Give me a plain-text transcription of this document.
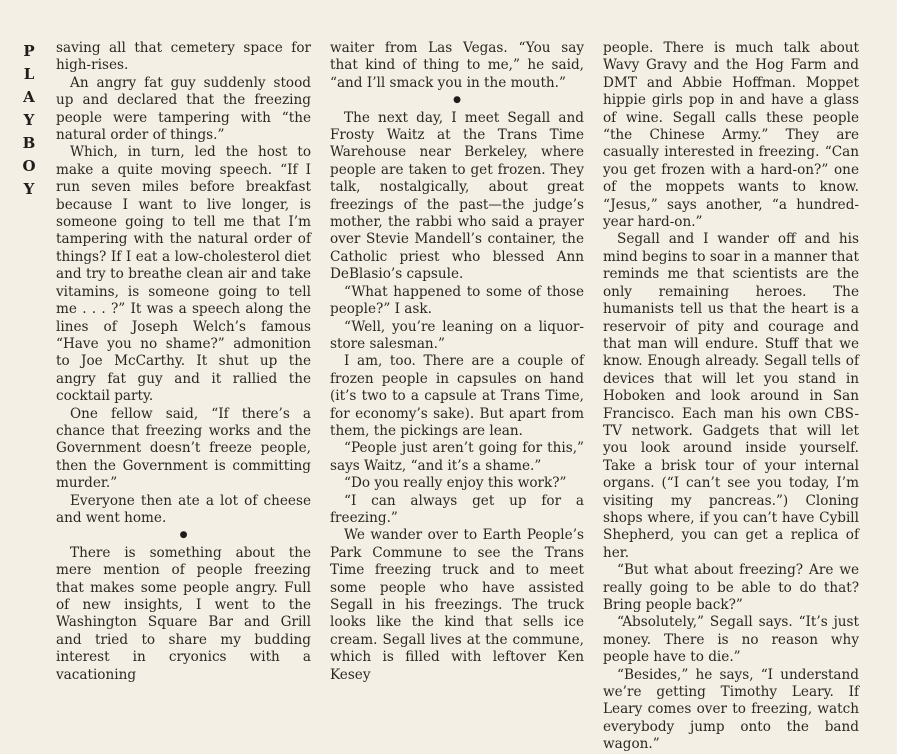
P
L
A
Y
B
O
Y

saving all that cemetery space for high-rises.

An angry fat guy suddenly stood up and declared that the freezing people were tampering with “the natural order of things.”

Which, in turn, led the host to make a quite moving speech. “If I run seven miles before breakfast because I want to live longer, is someone going to tell me that I’m tampering with the natural order of things? If I eat a low-cholesterol diet and try to breathe clean air and take vitamins, is someone going to tell me . . . ?” It was a speech along the lines of Joseph Welch’s famous “Have you no shame?” admonition to Joe McCarthy. It shut up the angry fat guy and it rallied the cocktail party.

One fellow said, “If there’s a chance that freezing works and the Government doesn’t freeze people, then the Government is committing murder.”

Everyone then ate a lot of cheese and went home.

●

There is something about the mere mention of people freezing that makes some people angry. Full of new insights, I went to the Washington Square Bar and Grill and tried to share my budding interest in cryonics with a vacationing

waiter from Las Vegas. “You say that kind of thing to me,” he said, “and I’ll smack you in the mouth.”

●

The next day, I meet Segall and Frosty Waitz at the Trans Time Warehouse near Berkeley, where people are taken to get frozen. They talk, nostalgically, about great freezings of the past—the judge’s mother, the rabbi who said a prayer over Stevie Mandell’s container, the Catholic priest who blessed Ann DeBlasio’s capsule.

“What happened to some of those people?” I ask.

“Well, you’re leaning on a liquor-store salesman.”

I am, too. There are a couple of frozen people in capsules on hand (it’s two to a capsule at Trans Time, for economy’s sake). But apart from them, the pickings are lean.

“People just aren’t going for this,” says Waitz, “and it’s a shame.”

“Do you really enjoy this work?”

“I can always get up for a freezing.”

We wander over to Earth People’s Park Commune to see the Trans Time freezing truck and to meet some people who have assisted Segall in his freezings. The truck looks like the kind that sells ice cream. Segall lives at the commune, which is filled with leftover Ken Kesey

people. There is much talk about Wavy Gravy and the Hog Farm and DMT and Abbie Hoffman. Moppet hippie girls pop in and have a glass of wine. Segall calls these people “the Chinese Army.” They are casually interested in freezing. “Can you get frozen with a hard-on?” one of the moppets wants to know. “Jesus,” says another, “a hundred-year hard-on.”

Segall and I wander off and his mind begins to soar in a manner that reminds me that scientists are the only remaining heroes. The humanists tell us that the heart is a reservoir of pity and courage and that man will endure. Stuff that we know. Enough already. Segall tells of devices that will let you stand in Hoboken and look around in San Francisco. Each man his own CBS-TV network. Gadgets that will let you look around inside yourself. Take a brisk tour of your internal organs. (“I can’t see you today, I’m visiting my pancreas.”) Cloning shops where, if you can’t have Cybill Shepherd, you can get a replica of her.

“But what about freezing? Are we really going to be able to do that? Bring people back?”

“Absolutely,” Segall says. “It’s just money. There is no reason why people have to die.”

“Besides,” he says, “I understand we’re getting Timothy Leary. If Leary comes over to freezing, watch everybody jump onto the band wagon.”
